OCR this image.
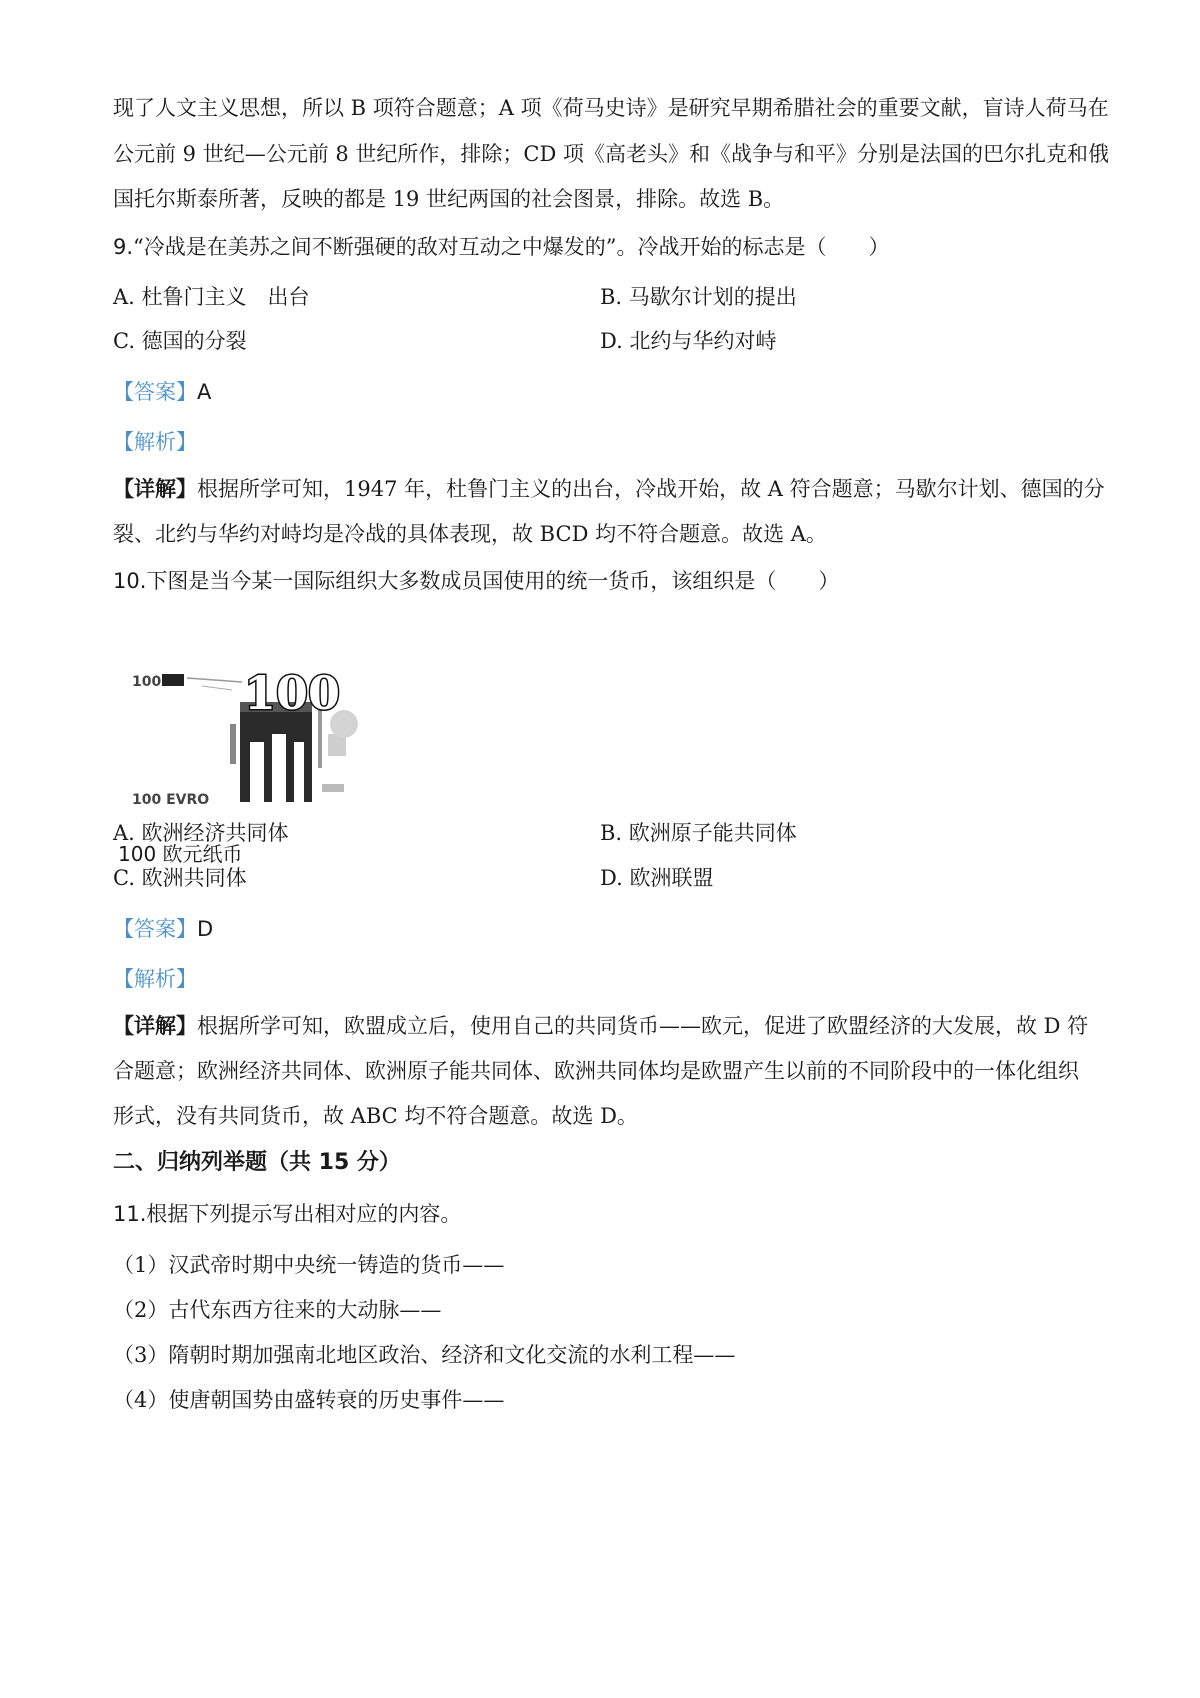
现了人文主义思想，所以 B 项符合题意；A 项《荷马史诗》是研究早期希腊社会的重要文献，盲诗人荷马在
公元前 9 世纪—公元前 8 世纪所作，排除；CD 项《高老头》和《战争与和平》分别是法国的巴尔扎克和俄
国托尔斯泰所著，反映的都是 19 世纪两国的社会图景，排除。故选 B。
9.“冷战是在美苏之间不断强硬的敌对互动之中爆发的”。冷战开始的标志是（　　）
A. 杜鲁门主义　出台	B. 马歇尔计划的提出
C. 德国的分裂	D. 北约与华约对峙
【答案】A
【解析】
【详解】根据所学可知，1947 年，杜鲁门主义的出台，冷战开始，故 A 符合题意；马歇尔计划、德国的分
裂、北约与华约对峙均是冷战的具体表现，故 BCD 均不符合题意。故选 A。
10.下图是当今某一国际组织大多数成员国使用的统一货币，该组织是（　　）
100 100
100 EVRO
100 欧元纸币
A. 欧洲经济共同体	B. 欧洲原子能共同体
C. 欧洲共同体	D. 欧洲联盟
【答案】D
【解析】
【详解】根据所学可知，欧盟成立后，使用自己的共同货币——欧元，促进了欧盟经济的大发展，故 D 符
合题意；欧洲经济共同体、欧洲原子能共同体、欧洲共同体均是欧盟产生以前的不同阶段中的一体化组织
形式，没有共同货币，故 ABC 均不符合题意。故选 D。
二、归纳列举题（共 15 分）
11.根据下列提示写出相对应的内容。
（1）汉武帝时期中央统一铸造的货币——
（2）古代东西方往来的大动脉——
（3）隋朝时期加强南北地区政治、经济和文化交流的水利工程——
（4）使唐朝国势由盛转衰的历史事件——
